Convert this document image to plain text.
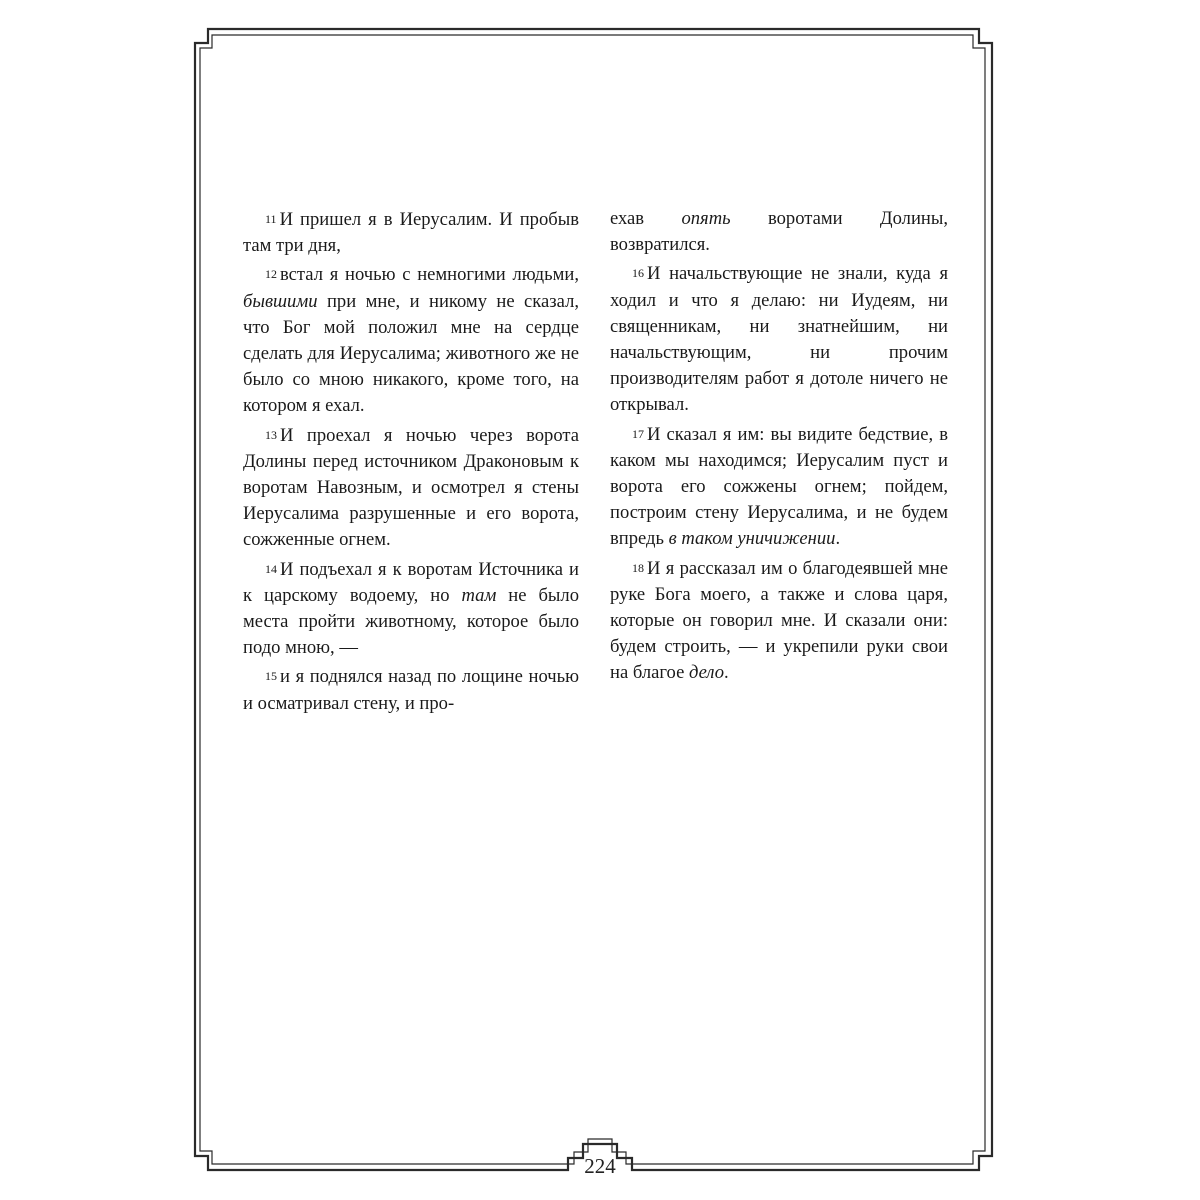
11 И пришел я в Иерусалим. И пробыв там три дня,

12 встал я ночью с немногими людьми, бывшими при мне, и никому не сказал, что Бог мой положил мне на сердце сделать для Иерусалима; животного же не было со мною никакого, кроме того, на котором я ехал.

13 И проехал я ночью через ворота Долины перед источником Драконовым к воротам Навозным, и осмотрел я стены Иерусалима разрушенные и его ворота, сожженные огнем.

14 И подъехал я к воротам Источника и к царскому водоему, но там не было места пройти животному, которое было подо мною, —

15 и я поднялся назад по лощине ночью и осматривал стену, и про-

ехав опять воротами Долины, возвратился.

16 И начальствующие не знали, куда я ходил и что я делаю: ни Иудеям, ни священникам, ни знатнейшим, ни начальствующим, ни прочим производителям работ я дотоле ничего не открывал.

17 И сказал я им: вы видите бедствие, в каком мы находимся; Иерусалим пуст и ворота его сожжены огнем; пойдем, построим стену Иерусалима, и не будем впредь в таком уничижении.

18 И я рассказал им о благодеявшей мне руке Бога моего, а также и слова царя, которые он говорил мне. И сказали они: будем строить, — и укрепили руки свои на благое дело.

224
